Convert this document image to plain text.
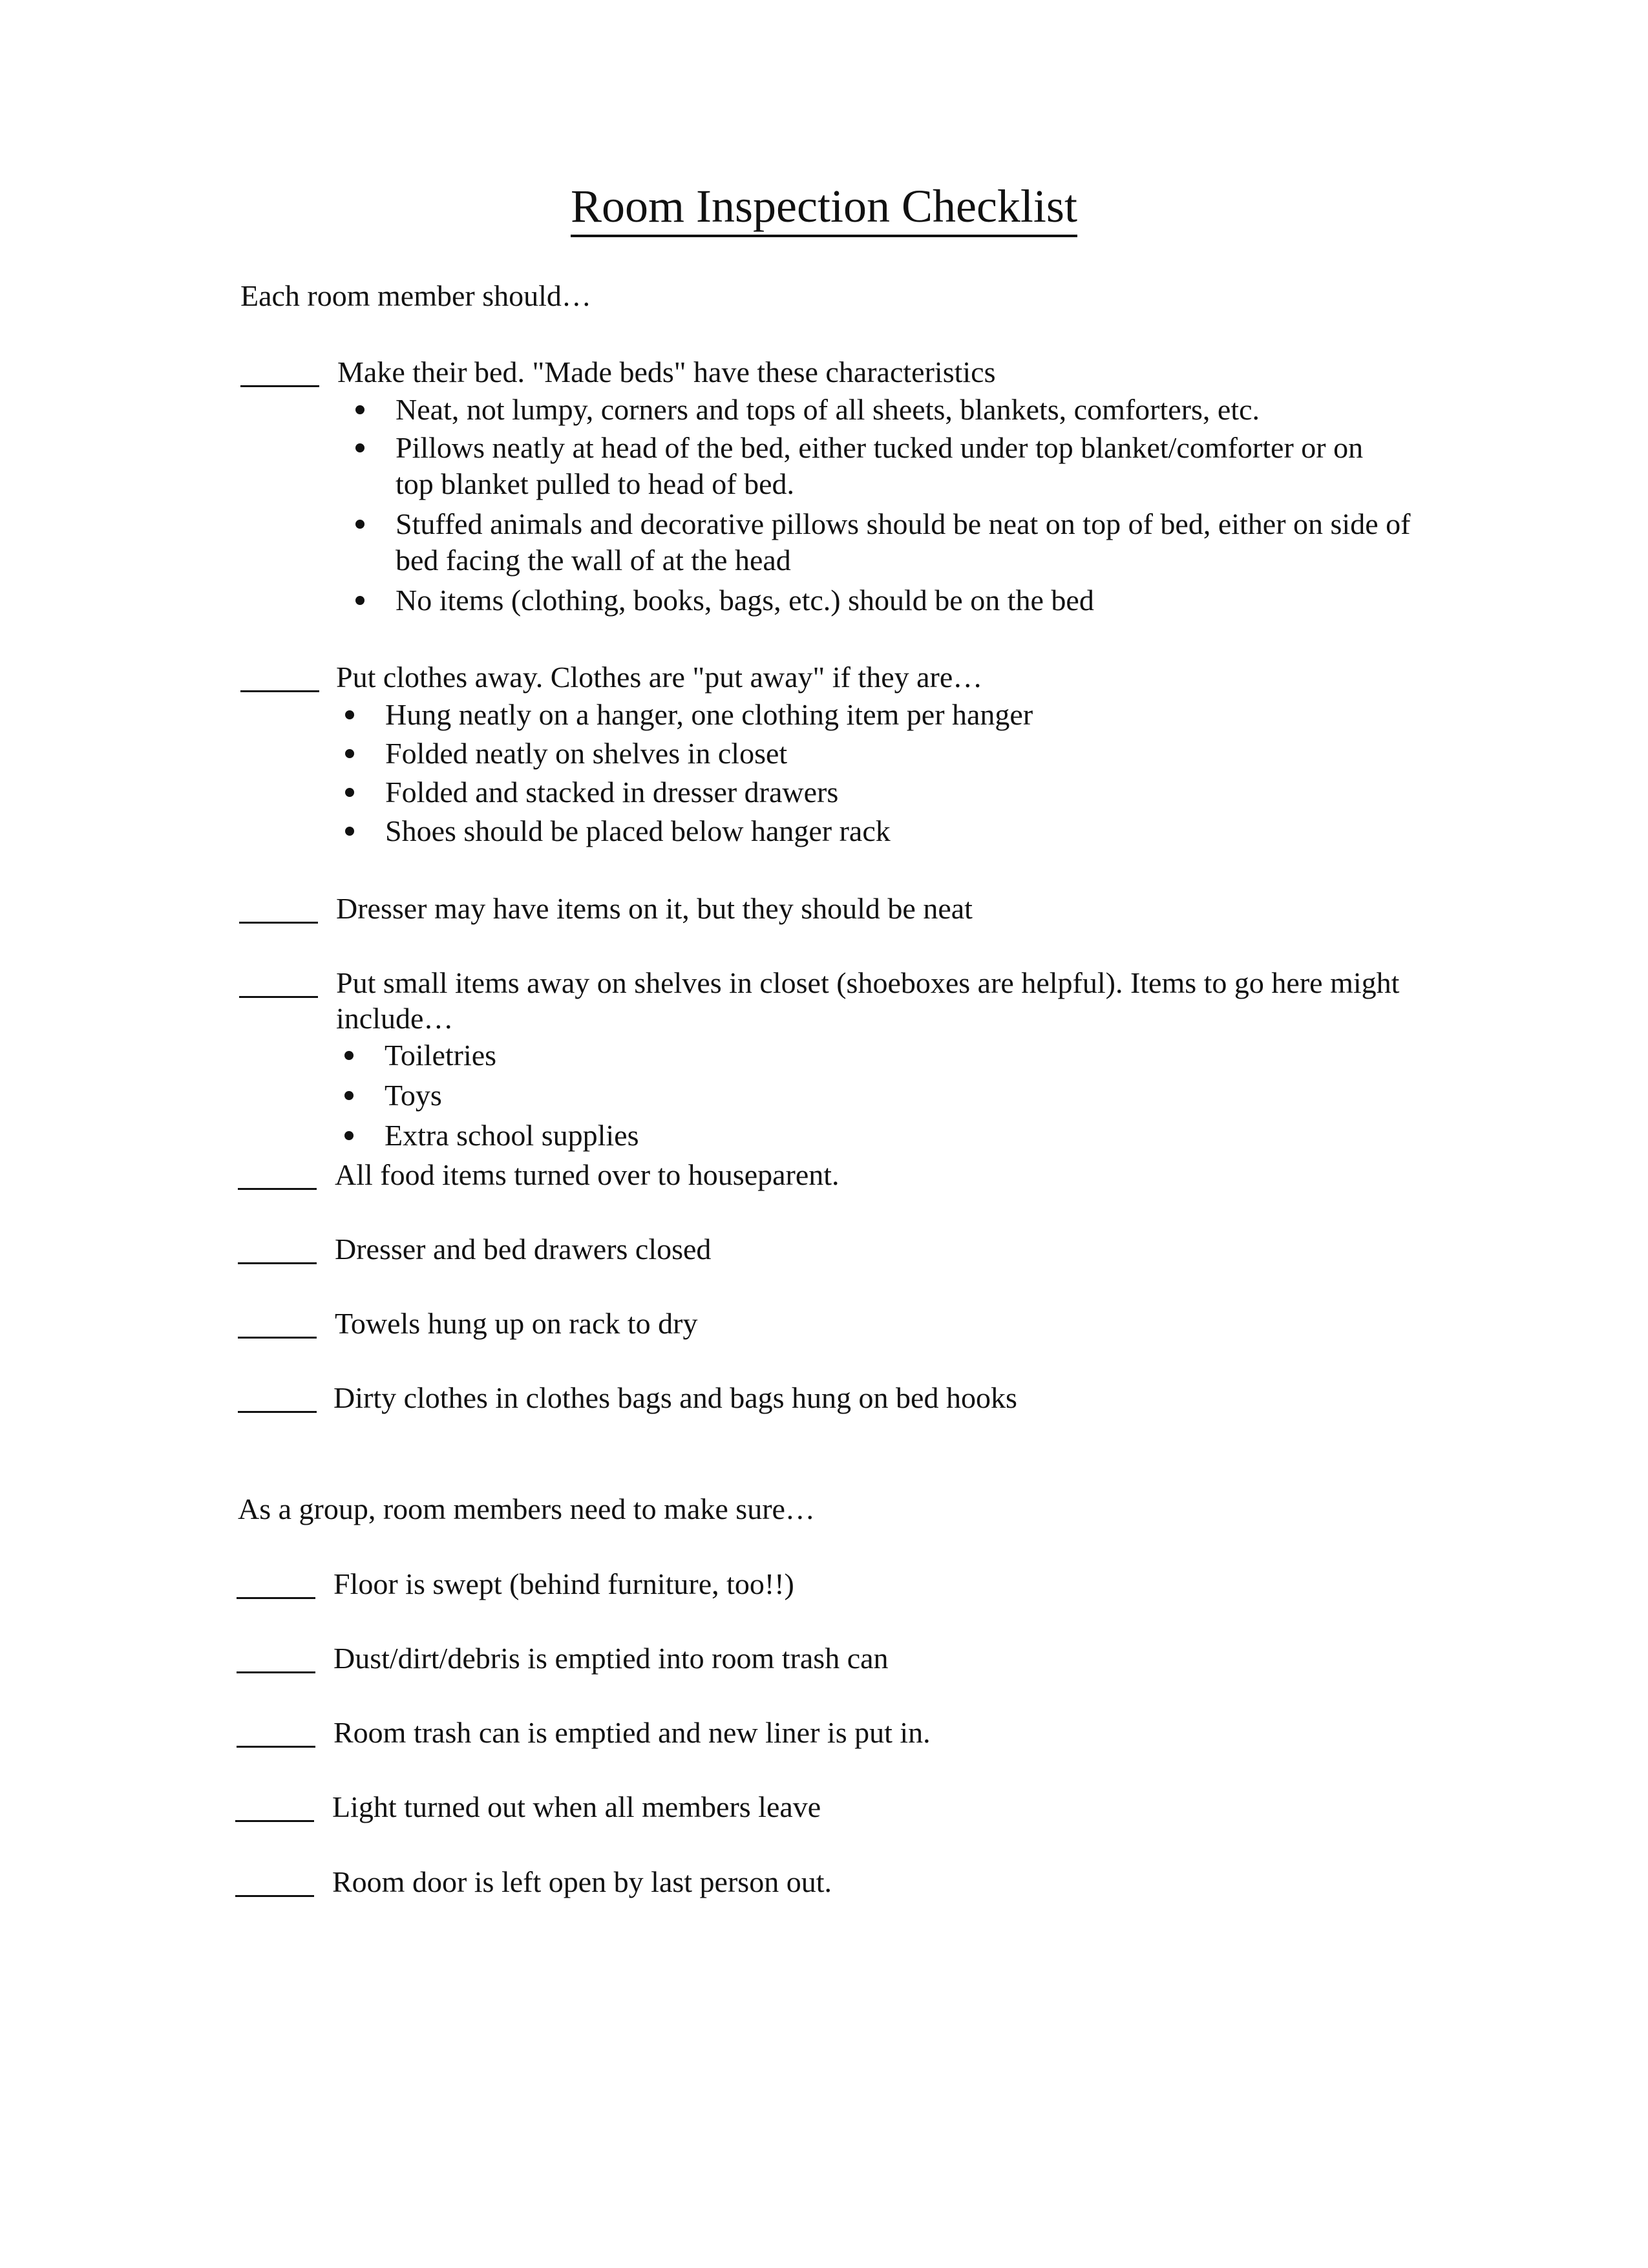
Room Inspection Checklist
Each room member should…
Make their bed. "Made beds" have these characteristics
Neat, not lumpy, corners and tops of all sheets, blankets, comforters, etc.
Pillows neatly at head of the bed, either tucked under top blanket/comforter or on top blanket pulled to head of bed.
Stuffed animals and decorative pillows should be neat on top of bed, either on side of bed facing the wall of at the head
No items (clothing, books, bags, etc.) should be on the bed
Put clothes away. Clothes are "put away" if they are…
Hung neatly on a hanger, one clothing item per hanger
Folded neatly on shelves in closet
Folded and stacked in dresser drawers
Shoes should be placed below hanger rack
Dresser may have items on it, but they should be neat
Put small items away on shelves in closet (shoeboxes are helpful). Items to go here might include…
Toiletries
Toys
Extra school supplies
All food items turned over to houseparent.
Dresser and bed drawers closed
Towels hung up on rack to dry
Dirty clothes in clothes bags and bags hung on bed hooks
As a group, room members need to make sure…
Floor is swept (behind furniture, too!!)
Dust/dirt/debris is emptied into room trash can
Room trash can is emptied and new liner is put in.
Light turned out when all members leave
Room door is left open by last person out.
